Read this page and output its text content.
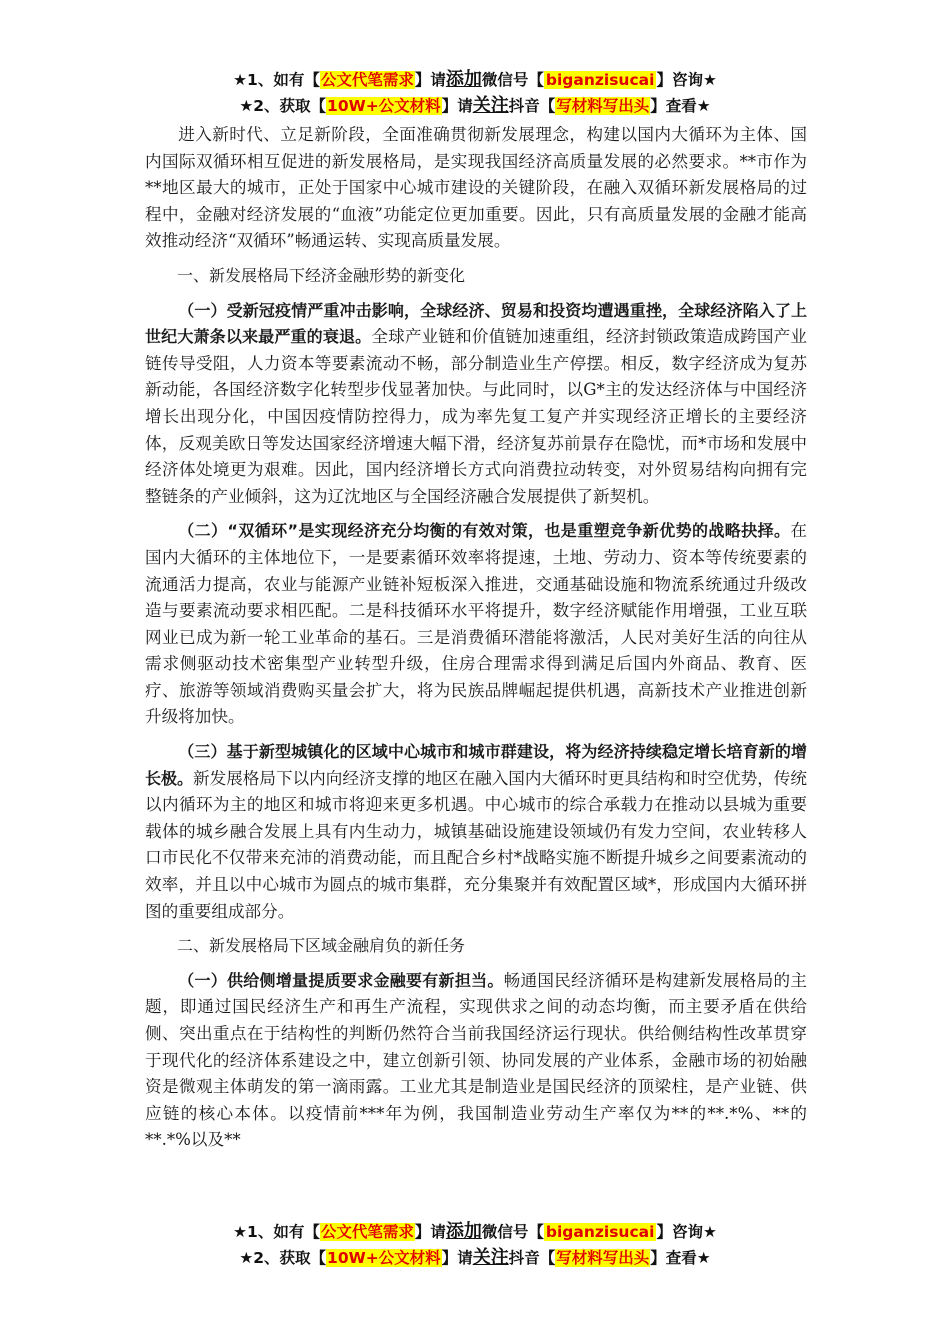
★1、如有【公文代笔需求】请添加微信号【 biganzisucai 】咨询★
★2、获取【10W+公文材料】请关注抖音【写材料写出头】查看★

进入新时代、立足新阶段，全面准确贯彻新发展理念，构建以国内大循环为主体、国内国际双循环相互促进的新发展格局，是实现我国经济高质量发展的必然要求。**市作为**地区最大的城市，正处于国家中心城市建设的关键阶段，在融入双循环新发展格局的过程中，金融对经济发展的“血液”功能定位更加重要。因此，只有高质量发展的金融才能高效推动经济“双循环”畅通运转、实现高质量发展。

一、新发展格局下经济金融形势的新变化

（一）受新冠疫情严重冲击影响，全球经济、贸易和投资均遭遇重挫，全球经济陷入了上世纪大萧条以来最严重的衰退。全球产业链和价值链加速重组，经济封锁政策造成跨国产业链传导受阻，人力资本等要素流动不畅，部分制造业生产停摆。相反，数字经济成为复苏新动能，各国经济数字化转型步伐显著加快。与此同时，以G*主的发达经济体与中国经济增长出现分化，中国因疫情防控得力，成为率先复工复产并实现经济正增长的主要经济体，反观美欧日等发达国家经济增速大幅下滑，经济复苏前景存在隐忧，而*市场和发展中经济体处境更为艰难。因此，国内经济增长方式向消费拉动转变，对外贸易结构向拥有完整链条的产业倾斜，这为辽沈地区与全国经济融合发展提供了新契机。

（二）“双循环”是实现经济充分均衡的有效对策，也是重塑竞争新优势的战略抉择。在国内大循环的主体地位下，一是要素循环效率将提速，土地、劳动力、资本等传统要素的流通活力提高，农业与能源产业链补短板深入推进，交通基础设施和物流系统通过升级改造与要素流动要求相匹配。二是科技循环水平将提升，数字经济赋能作用增强，工业互联网业已成为新一轮工业革命的基石。三是消费循环潜能将激活，人民对美好生活的向往从需求侧驱动技术密集型产业转型升级，住房合理需求得到满足后国内外商品、教育、医疗、旅游等领域消费购买量会扩大，将为民族品牌崛起提供机遇，高新技术产业推进创新升级将加快。

（三）基于新型城镇化的区域中心城市和城市群建设，将为经济持续稳定增长培育新的增长极。新发展格局下以内向经济支撑的地区在融入国内大循环时更具结构和时空优势，传统以内循环为主的地区和城市将迎来更多机遇。中心城市的综合承载力在推动以县城为重要载体的城乡融合发展上具有内生动力，城镇基础设施建设领域仍有发力空间，农业转移人口市民化不仅带来充沛的消费动能，而且配合乡村*战略实施不断提升城乡之间要素流动的效率，并且以中心城市为圆点的城市集群，充分集聚并有效配置区域*，形成国内大循环拼图的重要组成部分。

二、新发展格局下区域金融肩负的新任务

（一）供给侧增量提质要求金融要有新担当。畅通国民经济循环是构建新发展格局的主题，即通过国民经济生产和再生产流程，实现供求之间的动态均衡，而主要矛盾在供给侧、突出重点在于结构性的判断仍然符合当前我国经济运行现状。供给侧结构性改革贯穿于现代化的经济体系建设之中，建立创新引领、协同发展的产业体系，金融市场的初始融资是微观主体萌发的第一滴雨露。工业尤其是制造业是国民经济的顶梁柱，是产业链、供应链的核心本体。以疫情前***年为例，我国制造业劳动生产率仅为**的**.*%、**的**.*%以及**

★1、如有【公文代笔需求】请添加微信号【 biganzisucai 】咨询★
★2、获取【10W+公文材料】请关注抖音【写材料写出头】查看★
